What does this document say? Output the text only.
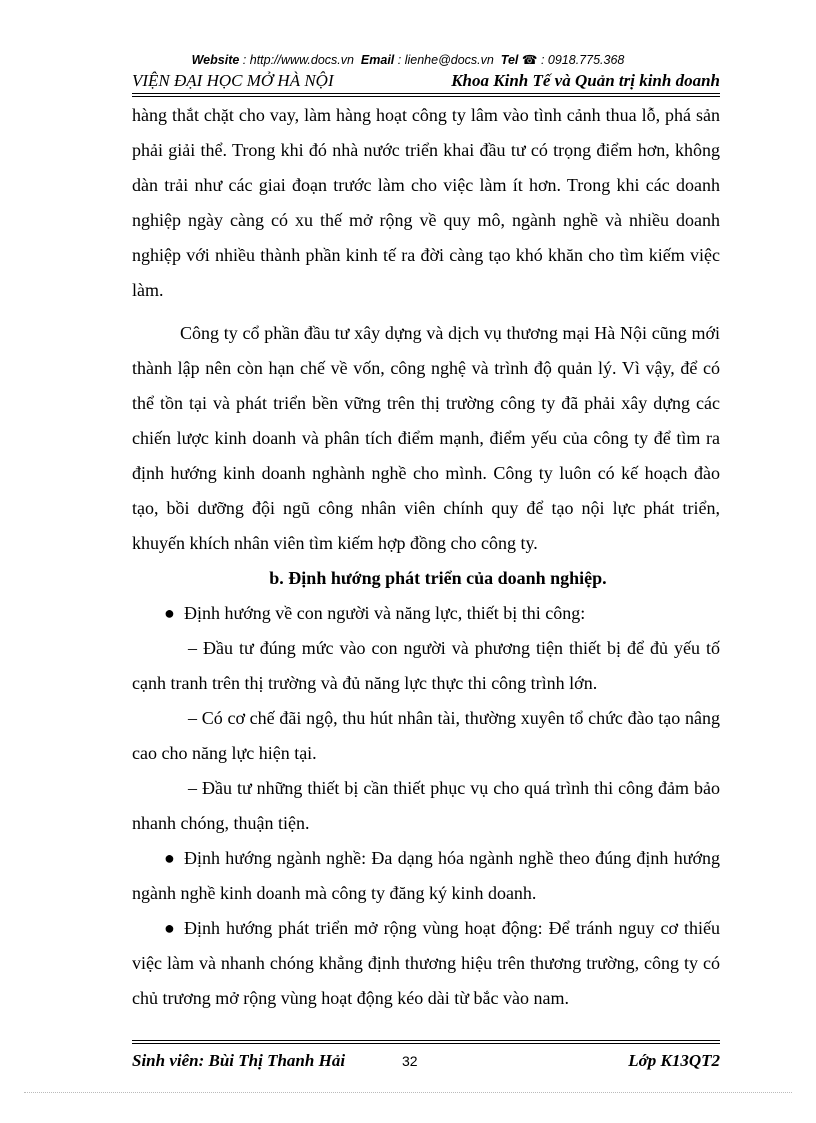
Website : http://www.docs.vn Email : lienhe@docs.vn Tel ☎ : 0918.775.368
VIỆN ĐẠI HỌC MỞ HÀ NỘI	Khoa Kinh Tế và Quản trị kinh doanh

hàng thắt chặt cho vay, làm hàng hoạt công ty lâm vào tình cảnh thua lỗ, phá sản phải giải thể. Trong khi đó nhà nước triển khai đầu tư có trọng điểm hơn, không dàn trải như các giai đoạn trước làm cho việc làm ít hơn. Trong khi các doanh nghiệp ngày càng có xu thế mở rộng về quy mô, ngành nghề và nhiều doanh nghiệp với nhiều thành phần kinh tế ra đời càng tạo khó khăn cho tìm kiếm việc làm.

Công ty cổ phần đầu tư xây dựng và dịch vụ thương mại Hà Nội cũng mới thành lập nên còn hạn chế về vốn, công nghệ và trình độ quản lý. Vì vậy, để có thể tồn tại và phát triển bền vững trên thị trường công ty đã phải xây dựng các chiến lược kinh doanh và phân tích điểm mạnh, điểm yếu của công ty để tìm ra định hướng kinh doanh nghành nghề cho mình. Công ty luôn có kế hoạch đào tạo, bồi dưỡng đội ngũ công nhân viên chính quy để tạo nội lực phát triển, khuyến khích nhân viên tìm kiếm hợp đồng cho công ty.

b. Định hướng phát triển của doanh nghiệp.

● Định hướng về con người và năng lực, thiết bị thi công:

– Đầu tư đúng mức vào con người và phương tiện thiết bị để đủ yếu tố cạnh tranh trên thị trường và đủ năng lực thực thi công trình lớn.

– Có cơ chế đãi ngộ, thu hút nhân tài, thường xuyên tổ chức đào tạo nâng cao cho năng lực hiện tại.

– Đầu tư những thiết bị cần thiết phục vụ cho quá trình thi công đảm bảo nhanh chóng, thuận tiện.

● Định hướng ngành nghề: Đa dạng hóa ngành nghề theo đúng định hướng ngành nghề kinh doanh mà công ty đăng ký kinh doanh.

● Định hướng phát triển mở rộng vùng hoạt động: Để tránh nguy cơ thiếu việc làm và nhanh chóng khẳng định thương hiệu trên thương trường, công ty có chủ trương mở rộng vùng hoạt động kéo dài từ bắc vào nam.

Sinh viên: Bùi Thị Thanh Hải	32	Lớp K13QT2
